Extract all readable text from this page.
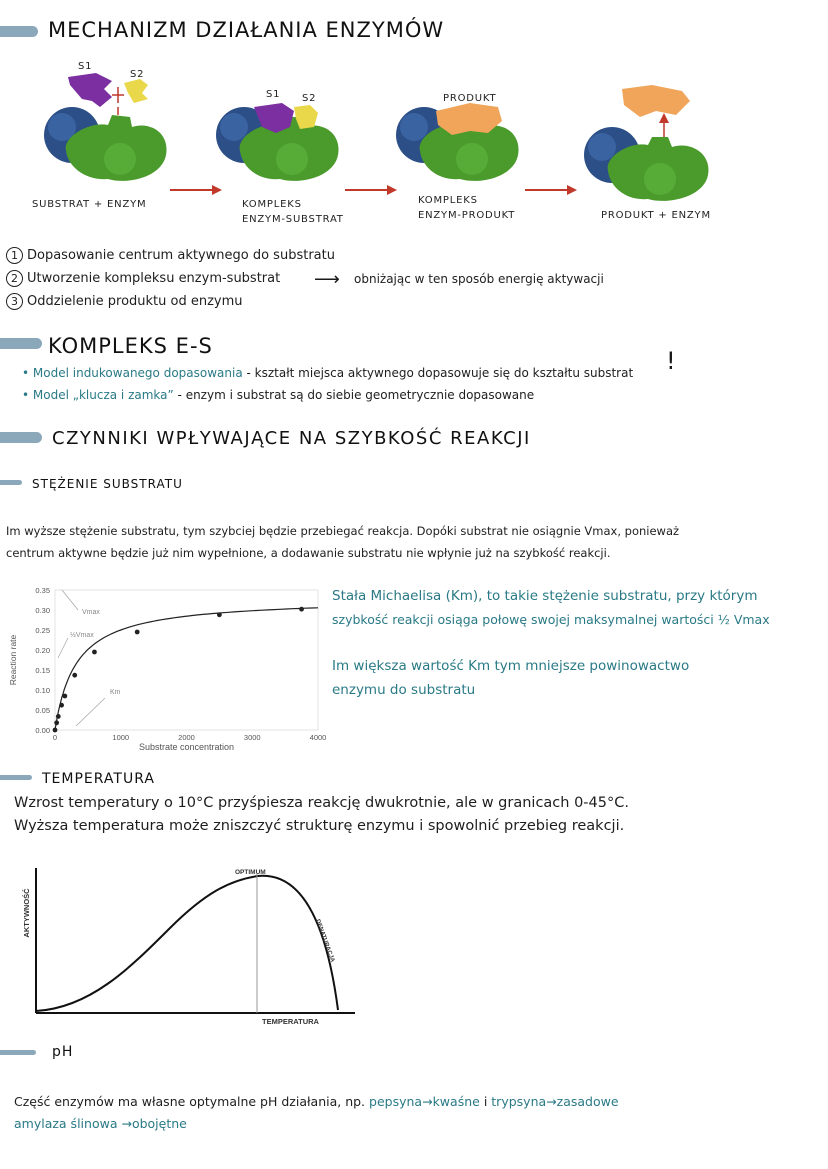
MECHANIZM DZIAŁANIA ENZYMÓW
S1
S2
S1 S2	PRODUKT
SUBSTRAT + ENZYM	KOMPLEKS
ENZYM-SUBSTRAT
KOMPLEKS
ENZYM-PRODUKT	PRODUKT + ENZYM
1 Dopasowanie centrum aktywnego do substratu
2 Utworzenie kompleksu enzym-substrat ⟶ obniżając w ten sposób energię aktywacji
3 Oddzielenie produktu od enzymu
KOMPLEKS E-S
!
• Model indukowanego dopasowania - kształt miejsca aktywnego dopasowuje się do kształtu substrat
• Model „klucza i zamka” - enzym i substrat są do siebie geometrycznie dopasowane
CZYNNIKI WPŁYWAJĄCE NA SZYBKOŚĆ REAKCJI
STĘŻENIE SUBSTRATU
Im wyższe stężenie substratu, tym szybciej będzie przebiegać reakcja. Dopóki substrat nie osiągnie Vmax, ponieważ
centrum aktywne będzie już nim wypełnione, a dodawanie substratu nie wpłynie już na szybkość reakcji.
0.00
0.05
0.10
0.15
0.20
0.25
0.30
0.35
0	1000	2000	3000	4000
Substrate concentration
Reaction rate
Vmax
½Vmax
Km
Stała Michaelisa (Km), to takie stężenie substratu, przy którym
szybkość reakcji osiąga połowę swojej maksymalnej wartości ½ Vmax
Im większa wartość Km tym mniejsze powinowactwo
enzymu do substratu
TEMPERATURA
Wzrost temperatury o 10°C przyśpiesza reakcję dwukrotnie, ale w granicach 0-45°C.
Wyższa temperatura może zniszczyć strukturę enzymu i spowolnić przebieg reakcji.
OPTIMUM
DENATURACJA
TEMPERATURA
AKTYWNOŚĆ
pH
Część enzymów ma własne optymalne pH działania, np. pepsyna→kwaśne i trypsyna→zasadowe
amylaza ślinowa →obojętne
